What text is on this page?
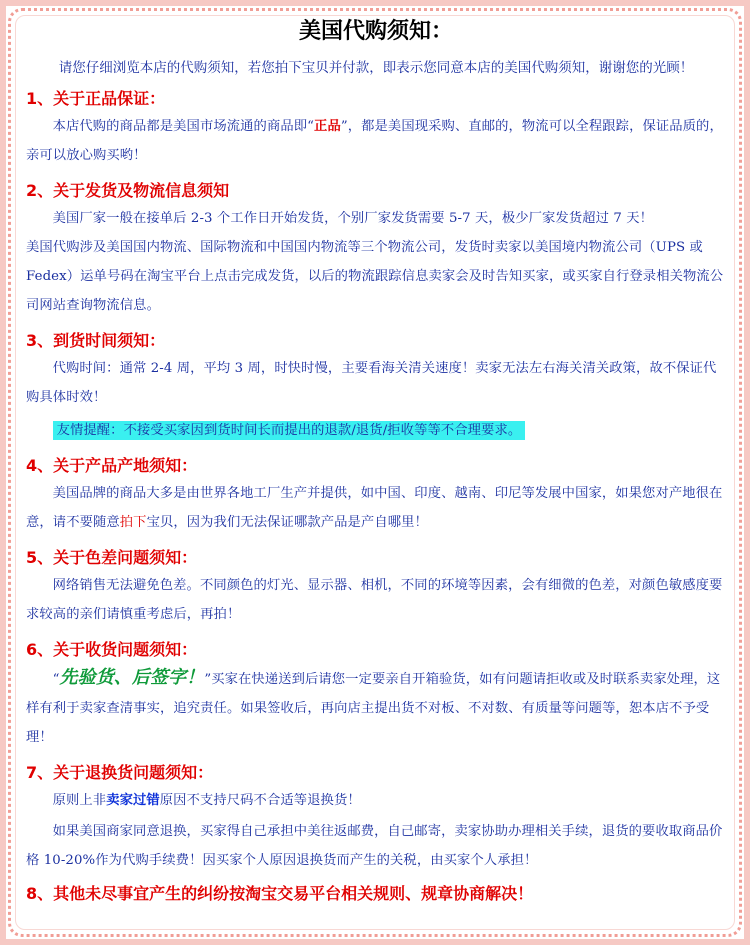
美国代购须知：
请您仔细浏览本店的代购须知，若您拍下宝贝并付款，即表示您同意本店的美国代购须知，谢谢您的光顾！
1、关于正品保证：

本店代购的商品都是美国市场流通的商品即“正品”，都是美国现采购、直邮的，物流可以全程跟踪，保证品质的，亲可以放心购买哟！

2、关于发货及物流信息须知

美国厂家一般在接单后 2-3 个工作日开始发货，个别厂家发货需要 5-7 天，极少厂家发货超过 7 天！

美国代购涉及美国国内物流、国际物流和中国国内物流等三个物流公司，发货时卖家以美国境内物流公司（UPS 或 Fedex）运单号码在淘宝平台上点击完成发货，以后的物流跟踪信息卖家会及时告知买家，或买家自行登录相关物流公司网站查询物流信息。

3、到货时间须知：

代购时间：通常 2-4 周，平均 3 周，时快时慢，主要看海关清关速度！卖家无法左右海关清关政策，故不保证代购具体时效！

友情提醒：不接受买家因到货时间长而提出的退款/退货/拒收等等不合理要求。

4、关于产品产地须知：

美国品牌的商品大多是由世界各地工厂生产并提供，如中国、印度、越南、印尼等发展中国家，如果您对产地很在意，请不要随意拍下宝贝，因为我们无法保证哪款产品是产自哪里！

5、关于色差问题须知：

网络销售无法避免色差。不同颜色的灯光、显示器、相机，不同的环境等因素，会有细微的色差，对颜色敏感度要求较高的亲们请慎重考虑后，再拍！

6、关于收货问题须知：

“先验货、后签字！”买家在快递送到后请您一定要亲自开箱验货，如有问题请拒收或及时联系卖家处理，这样有利于卖家查清事实，追究责任。如果签收后，再向店主提出货不对板、不对数、有质量等问题等，恕本店不予受理！

7、关于退换货问题须知：

原则上非卖家过错原因不支持尺码不合适等退换货！

如果美国商家同意退换，买家得自己承担中美往返邮费，自己邮寄，卖家协助办理相关手续，退货的要收取商品价格 10-20%作为代购手续费！因买家个人原因退换货而产生的关税，由买家个人承担！

8、其他未尽事宜产生的纠纷按淘宝交易平台相关规则、规章协商解决！
